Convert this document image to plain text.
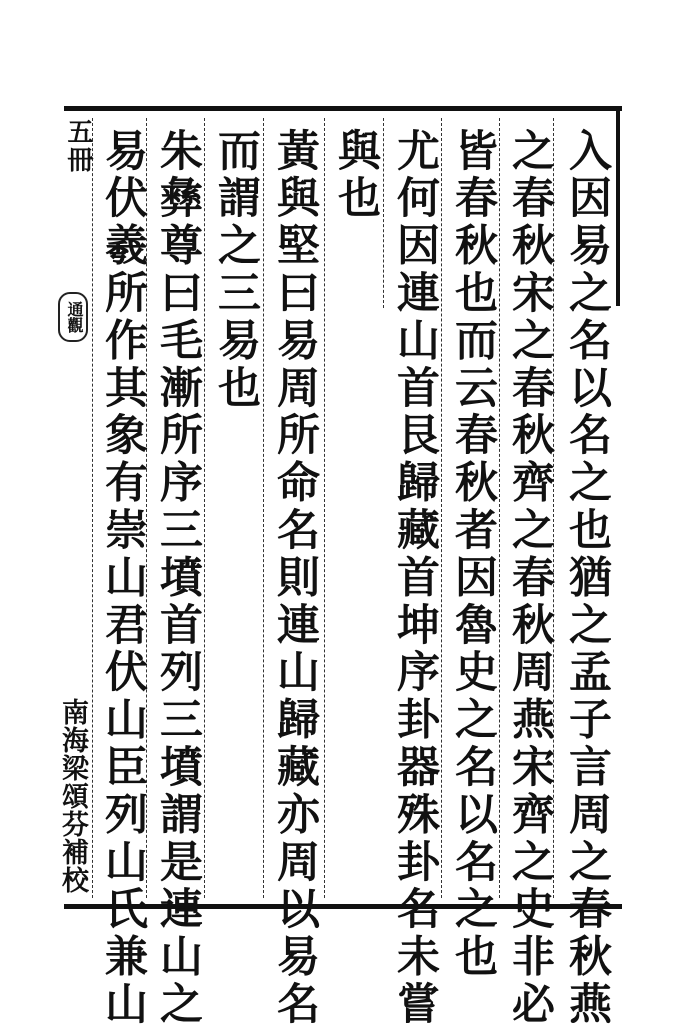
入因易之名以名之也猶之孟子言周之春秋燕
之春秋宋之春秋齊之春秋周燕宋齊之史非必
皆春秋也而云春秋者因魯史之名以名之也
尤何因連山首艮歸藏首坤序卦器殊卦名未嘗
與也
黃與堅曰易周所命名則連山歸藏亦周以易名
而謂之三易也
朱彝尊曰毛漸所序三墳首列三墳謂是連山之
易伏羲所作其象有崇山君伏山臣列山氏兼山
五冊
通觀
南海梁頌芬補校
